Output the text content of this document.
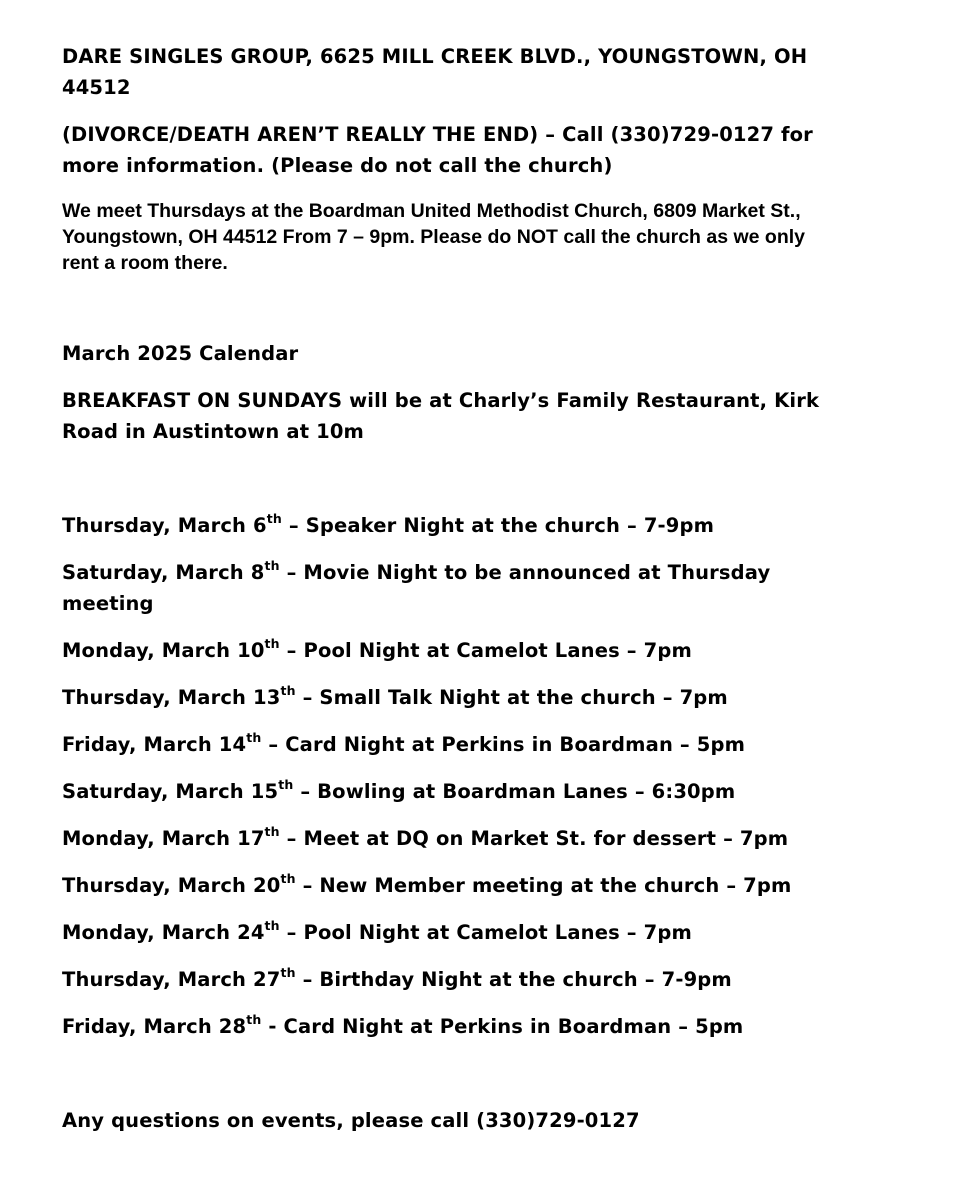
DARE SINGLES GROUP, 6625 MILL CREEK BLVD., YOUNGSTOWN, OH
44512
(DIVORCE/DEATH AREN’T REALLY THE END) – Call (330)729-0127 for
more information. (Please do not call the church)
We meet Thursdays at the Boardman United Methodist Church, 6809 Market St.,
Youngstown, OH 44512 From 7 – 9pm. Please do NOT call the church as we only
rent a room there.
March 2025 Calendar
BREAKFAST ON SUNDAYS will be at Charly’s Family Restaurant, Kirk
Road in Austintown at 10m
Thursday, March 6th – Speaker Night at the church – 7-9pm
Saturday, March 8th – Movie Night to be announced at Thursday
meeting
Monday, March 10th – Pool Night at Camelot Lanes – 7pm
Thursday, March 13th – Small Talk Night at the church – 7pm
Friday, March 14th – Card Night at Perkins in Boardman – 5pm
Saturday, March 15th – Bowling at Boardman Lanes – 6:30pm
Monday, March 17th – Meet at DQ on Market St. for dessert – 7pm
Thursday, March 20th – New Member meeting at the church – 7pm
Monday, March 24th – Pool Night at Camelot Lanes – 7pm
Thursday, March 27th – Birthday Night at the church – 7-9pm
Friday, March 28th - Card Night at Perkins in Boardman – 5pm
Any questions on events, please call (330)729-0127
